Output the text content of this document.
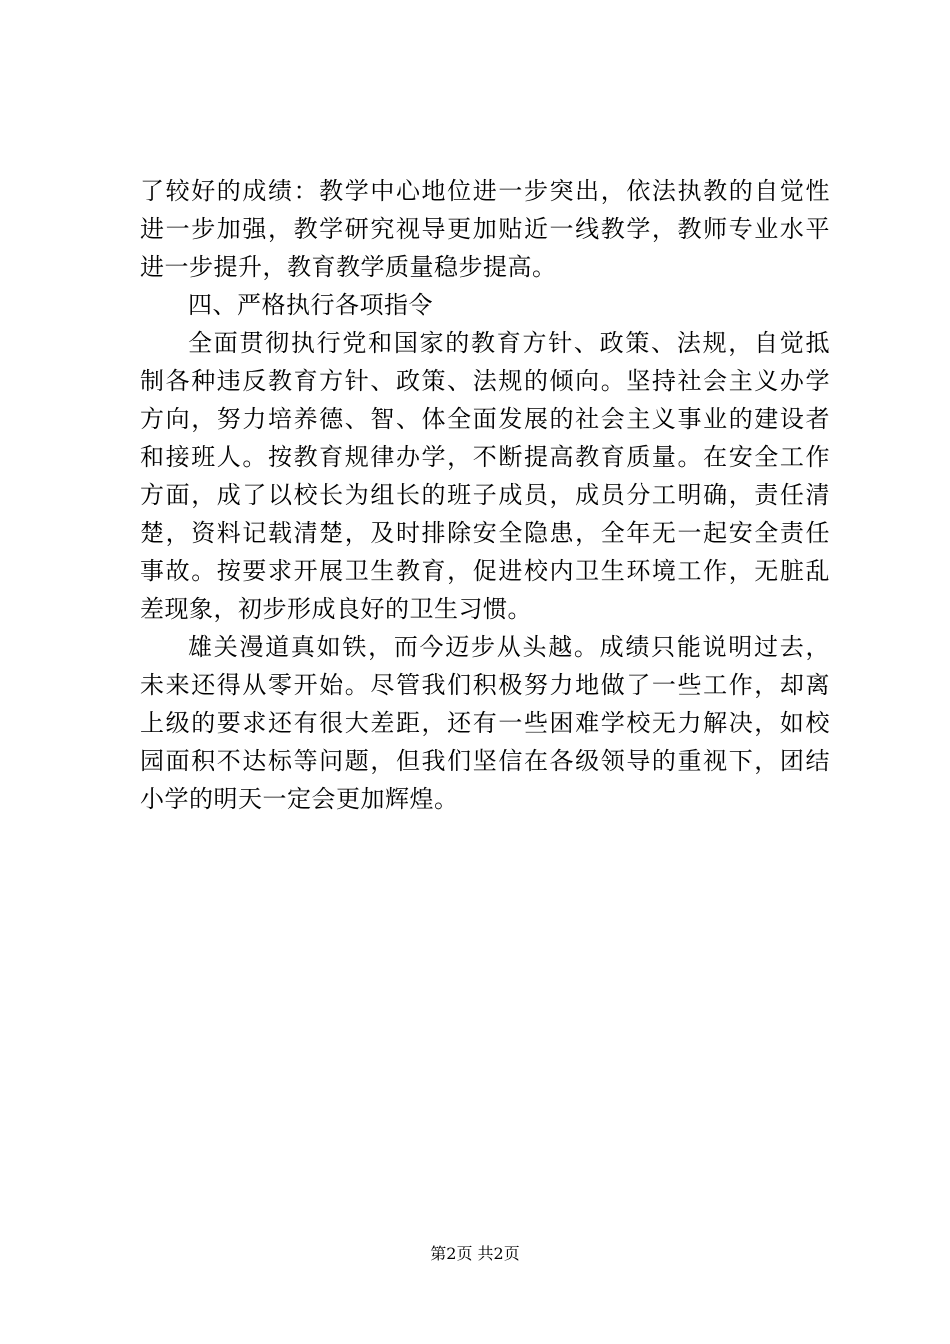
了较好的成绩：教学中心地位进一步突出，依法执教的自觉性
进一步加强，教学研究视导更加贴近一线教学，教师专业水平
进一步提升，教育教学质量稳步提高。
四、严格执行各项指令
全面贯彻执行党和国家的教育方针、政策、法规，自觉抵
制各种违反教育方针、政策、法规的倾向。坚持社会主义办学
方向，努力培养德、智、体全面发展的社会主义事业的建设者
和接班人。按教育规律办学，不断提高教育质量。在安全工作
方面，成了以校长为组长的班子成员，成员分工明确，责任清
楚，资料记载清楚，及时排除安全隐患，全年无一起安全责任
事故。按要求开展卫生教育，促进校内卫生环境工作，无脏乱
差现象，初步形成良好的卫生习惯。
雄关漫道真如铁，而今迈步从头越。成绩只能说明过去，
未来还得从零开始。尽管我们积极努力地做了一些工作，却离
上级的要求还有很大差距，还有一些困难学校无力解决，如校
园面积不达标等问题，但我们坚信在各级领导的重视下，团结
小学的明天一定会更加辉煌。
第2页 共2页
